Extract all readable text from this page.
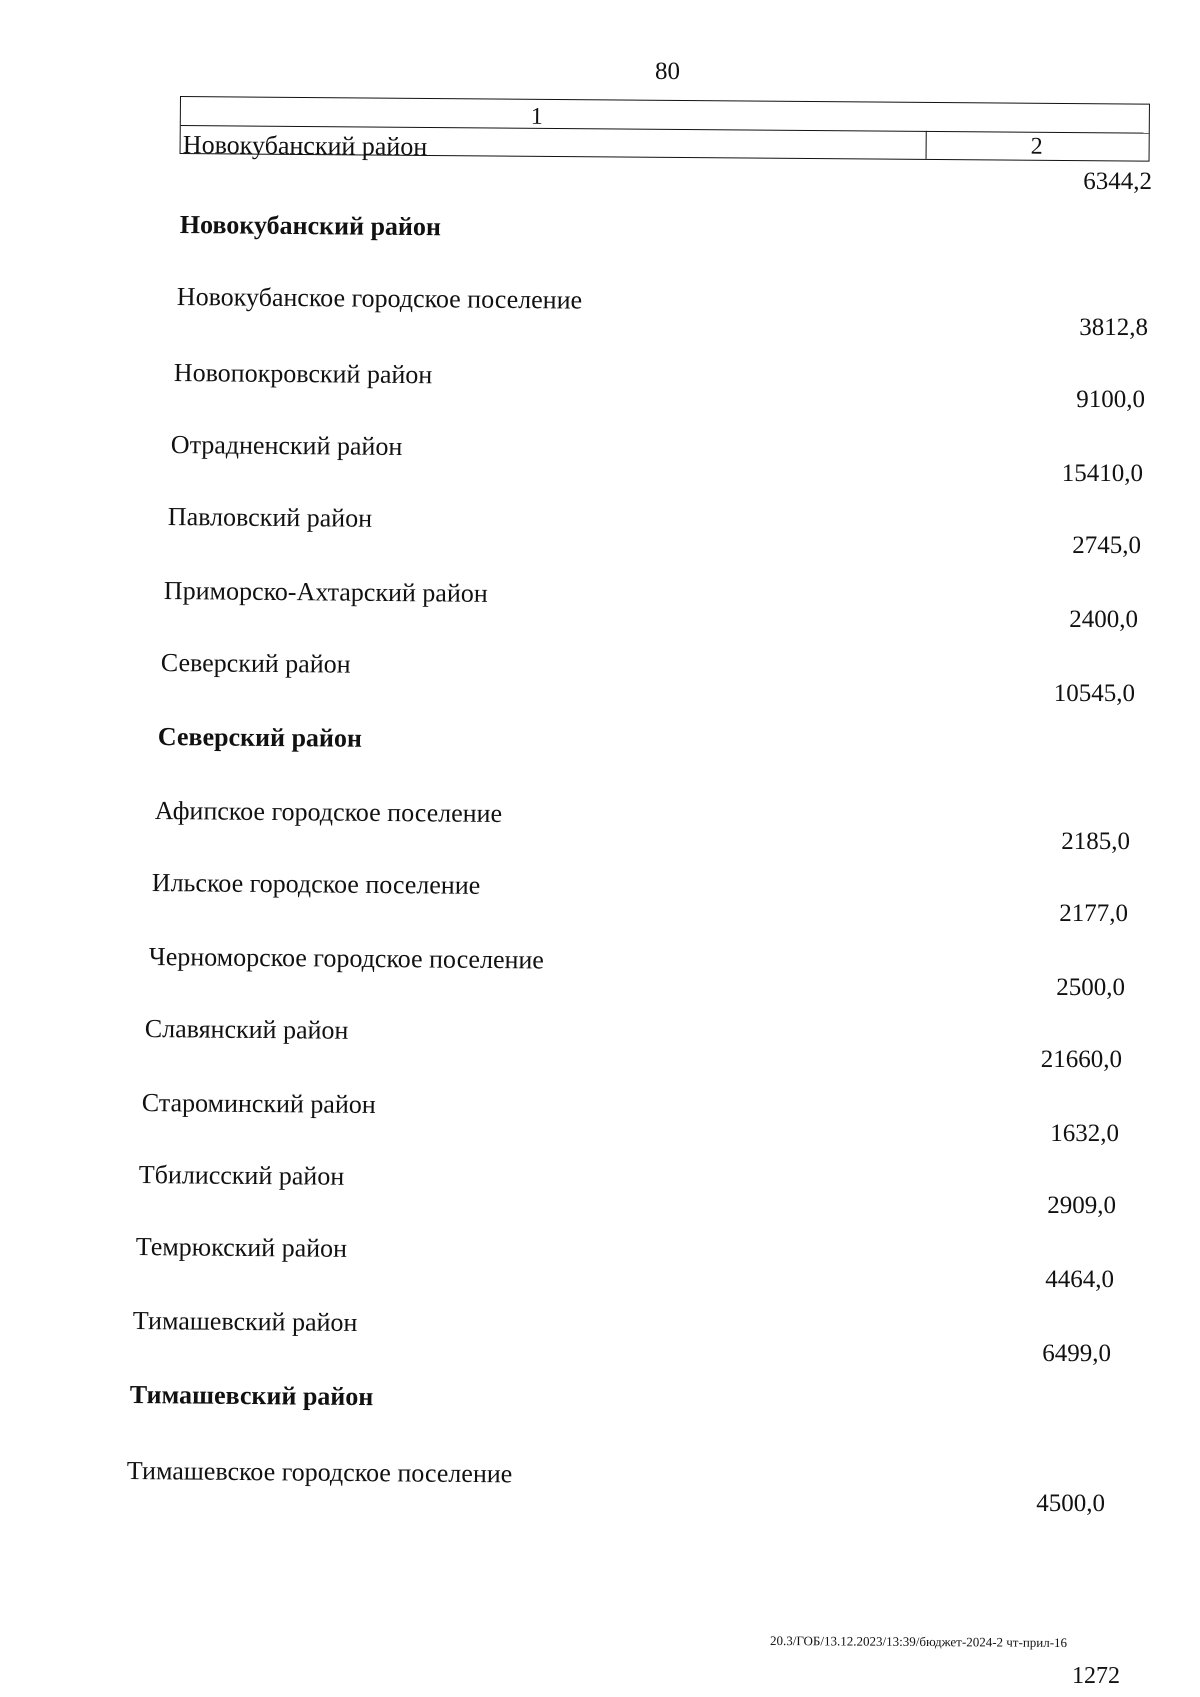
80
1
2
Новокубанский район
6344,2
Новокубанский район
Новокубанское городское поселение
3812,8
Новопокровский район
9100,0
Отрадненский район
15410,0
Павловский район
2745,0
Приморско-Ахтарский район
2400,0
Северский район
10545,0
Северский район
Афипское городское поселение
2185,0
Ильское городское поселение
2177,0
Черноморское городское поселение
2500,0
Славянский район
21660,0
Староминский район
1632,0
Тбилисский район
2909,0
Темрюкский район
4464,0
Тимашевский район
6499,0
Тимашевский район
Тимашевское городское поселение
4500,0
20.3/ГОБ/13.12.2023/13:39/бюджет-2024-2 чт-прил-16
1272
